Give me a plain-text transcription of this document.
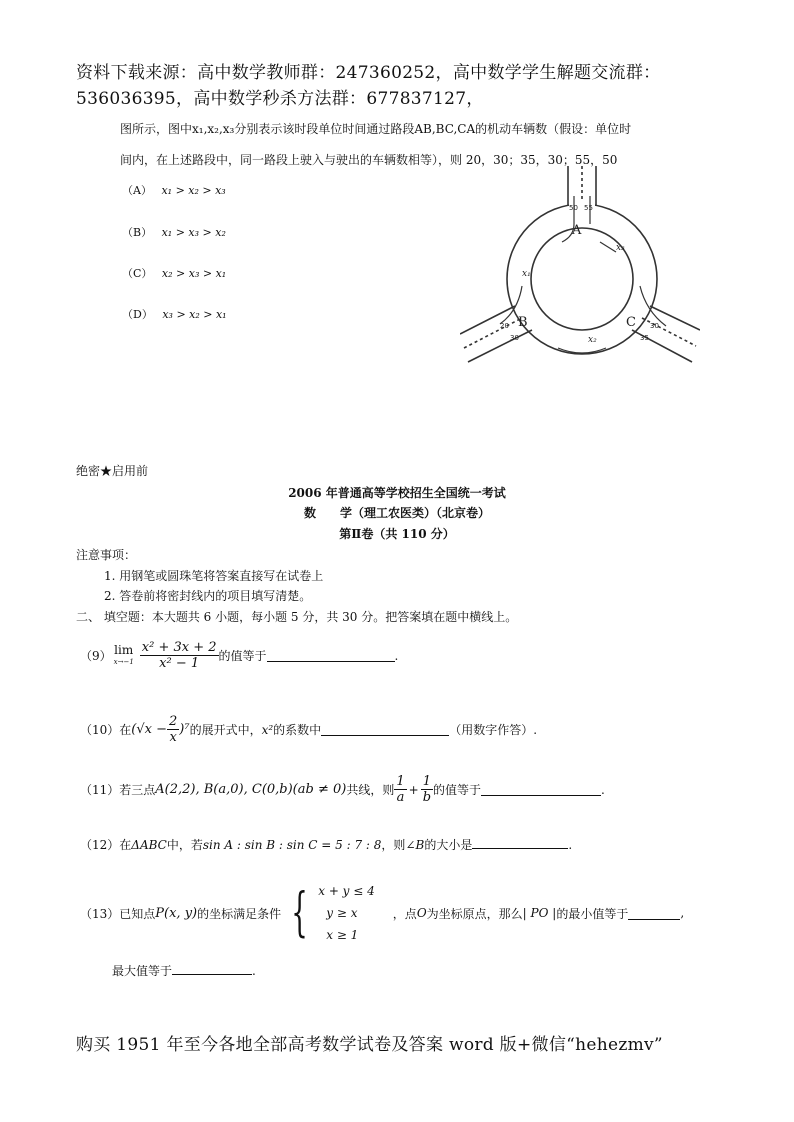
资料下载来源：高中数学教师群：247360252，高中数学学生解题交流群：
536036395，高中数学秒杀方法群：677837127，
图所示，图中x₁,x₂,x₃分别表示该时段单位时间通过路段AB,BC,CA的机动车辆数（假设：单位时
间内，在上述路段中，同一路段上驶入与驶出的车辆数相等），则 20，30；35，30；55，50
（A） x₁ > x₂ > x₃
（B） x₁ > x₃ > x₂
（C） x₂ > x₃ > x₁
（D） x₃ > x₂ > x₁
A
B	C
x₁
x₂
x₃
50 55
20
30
30
35
绝密★启用前
2006 年普通高等学校招生全国统一考试
数　　学（理工农医类）（北京卷）
第Ⅱ卷（共 110 分）
注意事项：
1. 用钢笔或圆珠笔将答案直接写在试卷上
2. 答卷前将密封线内的项目填写清楚。
二、 填空题：本大题共 6 小题，每小题 5 分，共 30 分。把答案填在题中横线上。
（9） lim
$x\to-1 \frac{\text{x² + 3x + 2}}{\text{x² − 1}}$ 的值等于	.
（10）在 $(√x - \frac{2}{x} )^7$ 的展开式中， x² 的系数中	（用数字作答）.
（11）若三点 A(2,2), B(a,0), C(0,b)(ab ≠ 0) 共线，则 $\frac{1}{a} + \frac{1}{b}$ 的值等于	.
（12）在ΔABC中，若sin A : sin B : sin C = 5 : 7 : 8，则∠B的大小是	.
（13）已知点 P(x, y) 的坐标满足条件 { x + y ≤ 4
y ≥ x
x ≥ 1
，点 O 为坐标原点，那么 | PO | 的最小值等于	,
最大值等于	.
购买 1951 年至今各地全部高考数学试卷及答案 word 版+微信“hehezmv”
